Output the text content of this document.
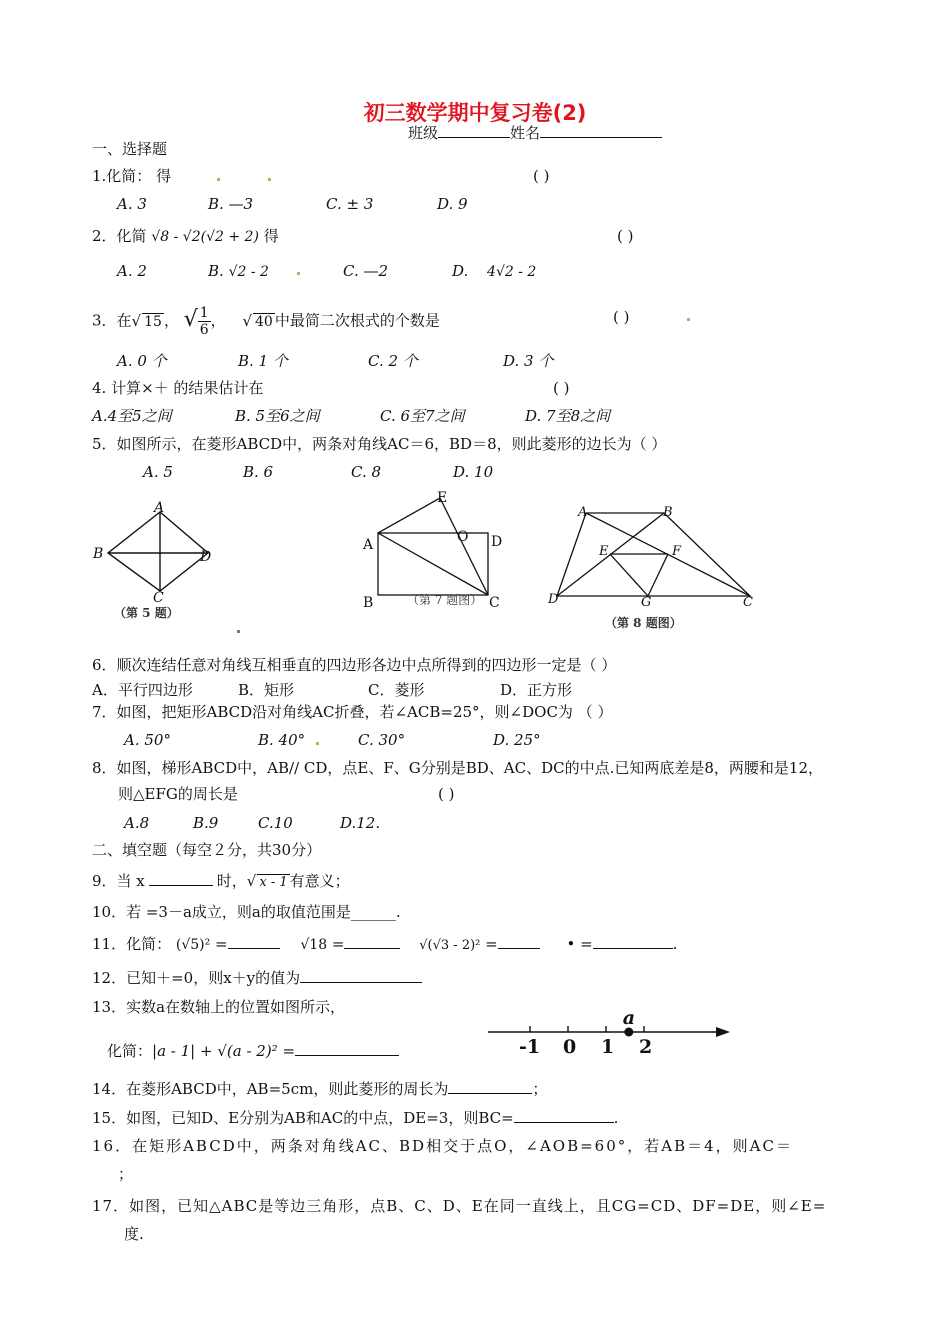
初三数学期中复习卷(2)
班级	姓名
一、选择题
1.化简： 得	( )
A. 3	B. —3	C. ± 3	D. 9
2．化简 √8 - √2(√2 + 2) 得	( )
A. 2	B. √2 - 2	C. —2	D. 4√2 - 2
3．在 √ 15 ， √ $\frac{1}{6}$ ， √ 40 中最简二次根式的个数是	( )
A. 0 个	B. 1 个	C. 2 个	D. 3 个
4. 计算×＋ 的结果估计在	( )
A.4至5之间	B. 5至6之间	C. 6至7之间	D. 7至8之间
5．如图所示，在菱形ABCD中，两条对角线AC＝6，BD＝8，则此菱形的边长为（ ）
A. 5	B. 6	C. 8	D. 10
A
B	D
C
（第 5 题）
E
A	O D
B	C
（第 7 题图）
A	B
E	F
D	G	C
（第 8 题图）
6．顺次连结任意对角线互相垂直的四边形各边中点所得到的四边形一定是（ ）
A．平行四边形	B．矩形	C．菱形	D．正方形
7．如图，把矩形ABCD沿对角线AC折叠，若∠ACB=25°，则∠DOC为 （ ）
A. 50°	B. 40°	C. 30°	D. 25°
8．如图，梯形ABCD中，AB// CD，点E、F、G分别是BD、AC、DC的中点.已知两底差是8，两腰和是12，
则△EFG的周长是	( )
A.8	B.9	C.10	D.12.
二、填空题（每空２分，共30分）
9．当 x	时， √ x - 1 有意义；
10．若 =3－a成立，则a的取值范围是______.
11．化简： (√5)² =	√18 =	√(√3 - 2)² =	• =	.
12．已知＋=0，则x＋y的值为
13．实数a在数轴上的位置如图所示，
化简：|a - 1| + √(a - 2)² =	-1 0 1 2
a
14．在菱形ABCD中，AB=5cm，则此菱形的周长为	；
15．如图，已知D、E分别为AB和AC的中点，DE=3，则BC=	.
16．在矩形ABCD中，两条对角线AC、BD相交于点O，∠AOB=60°，若AB＝4，则AC＝
；
17．如图，已知△ABC是等边三角形，点B、C、D、E在同一直线上，且CG=CD、DF=DE，则∠E=
度.
